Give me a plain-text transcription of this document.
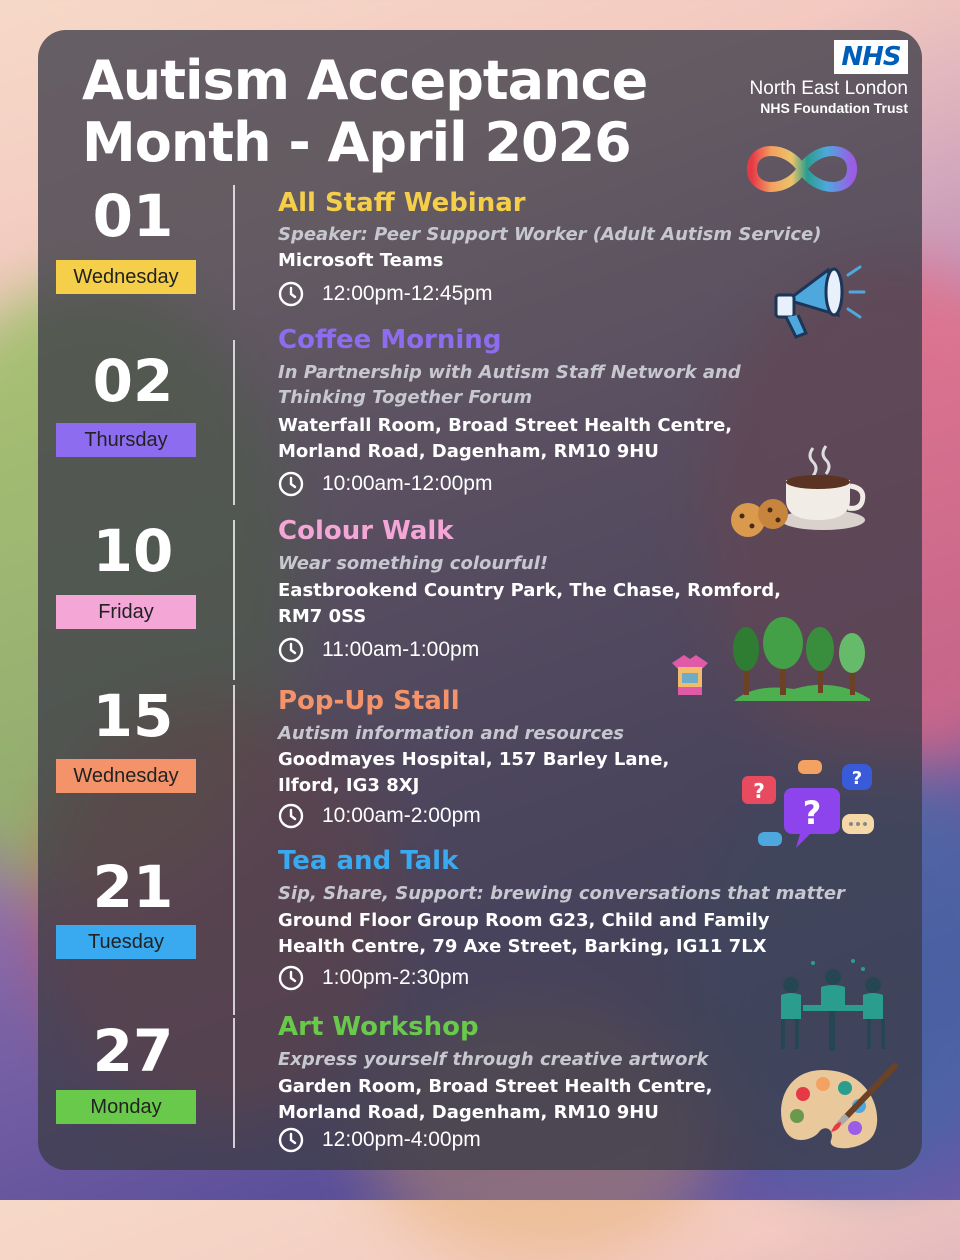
Autism Acceptance
Month - April 2026
NHS
North East London
NHS Foundation Trust
01
Wednesday
All Staff Webinar
Speaker: Peer Support Worker (Adult Autism Service)
Microsoft Teams
12:00pm-12:45pm
02
Thursday
Coffee Morning
In Partnership with Autism Staff Network and
Thinking Together Forum
Waterfall Room, Broad Street Health Centre,
Morland Road, Dagenham, RM10 9HU
10:00am-12:00pm
10
Friday
Colour Walk
Wear something colourful!
Eastbrookend Country Park, The Chase, Romford,
RM7 0SS
11:00am-1:00pm
15
Wednesday
Pop-Up Stall
Autism information and resources
Goodmayes Hospital, 157 Barley Lane,
Ilford, IG3 8XJ
10:00am-2:00pm
?
?
?
21
Tuesday
Tea and Talk
Sip, Share, Support: brewing conversations that matter
Ground Floor Group Room G23, Child and Family
Health Centre, 79 Axe Street, Barking, IG11 7LX
1:00pm-2:30pm
27
Monday
Art Workshop
Express yourself through creative artwork
Garden Room, Broad Street Health Centre,
Morland Road, Dagenham, RM10 9HU
12:00pm-4:00pm
